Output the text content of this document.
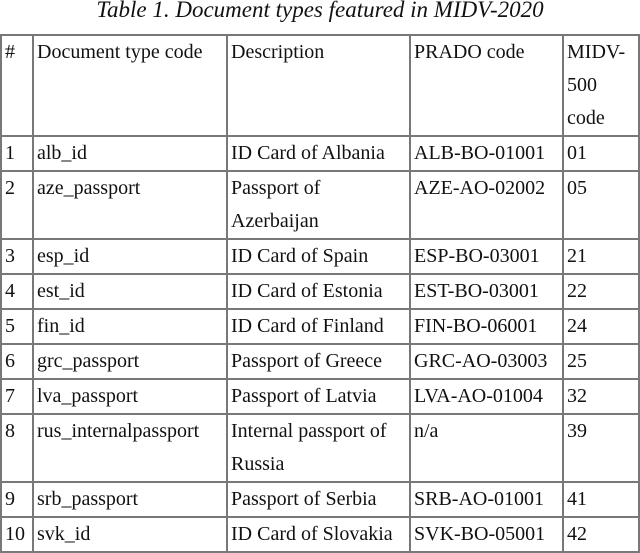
Table 1. Document types featured in MIDV-2020
#	Document type code	Description	PRADO code	MIDV-500 code
1	alb_id	ID Card of Albania	ALB-BO-01001	01
2	aze_passport	Passport of Azerbaijan	AZE-AO-02002	05
3	esp_id	ID Card of Spain	ESP-BO-03001	21
4	est_id	ID Card of Estonia	EST-BO-03001	22
5	fin_id	ID Card of Finland	FIN-BO-06001	24
6	grc_passport	Passport of Greece	GRC-AO-03003	25
7	lva_passport	Passport of Latvia	LVA-AO-01004	32
8	rus_internalpassport	Internal passport of Russia	n/a	39
9	srb_passport	Passport of Serbia	SRB-AO-01001	41
10	svk_id	ID Card of Slovakia	SVK-BO-05001	42
